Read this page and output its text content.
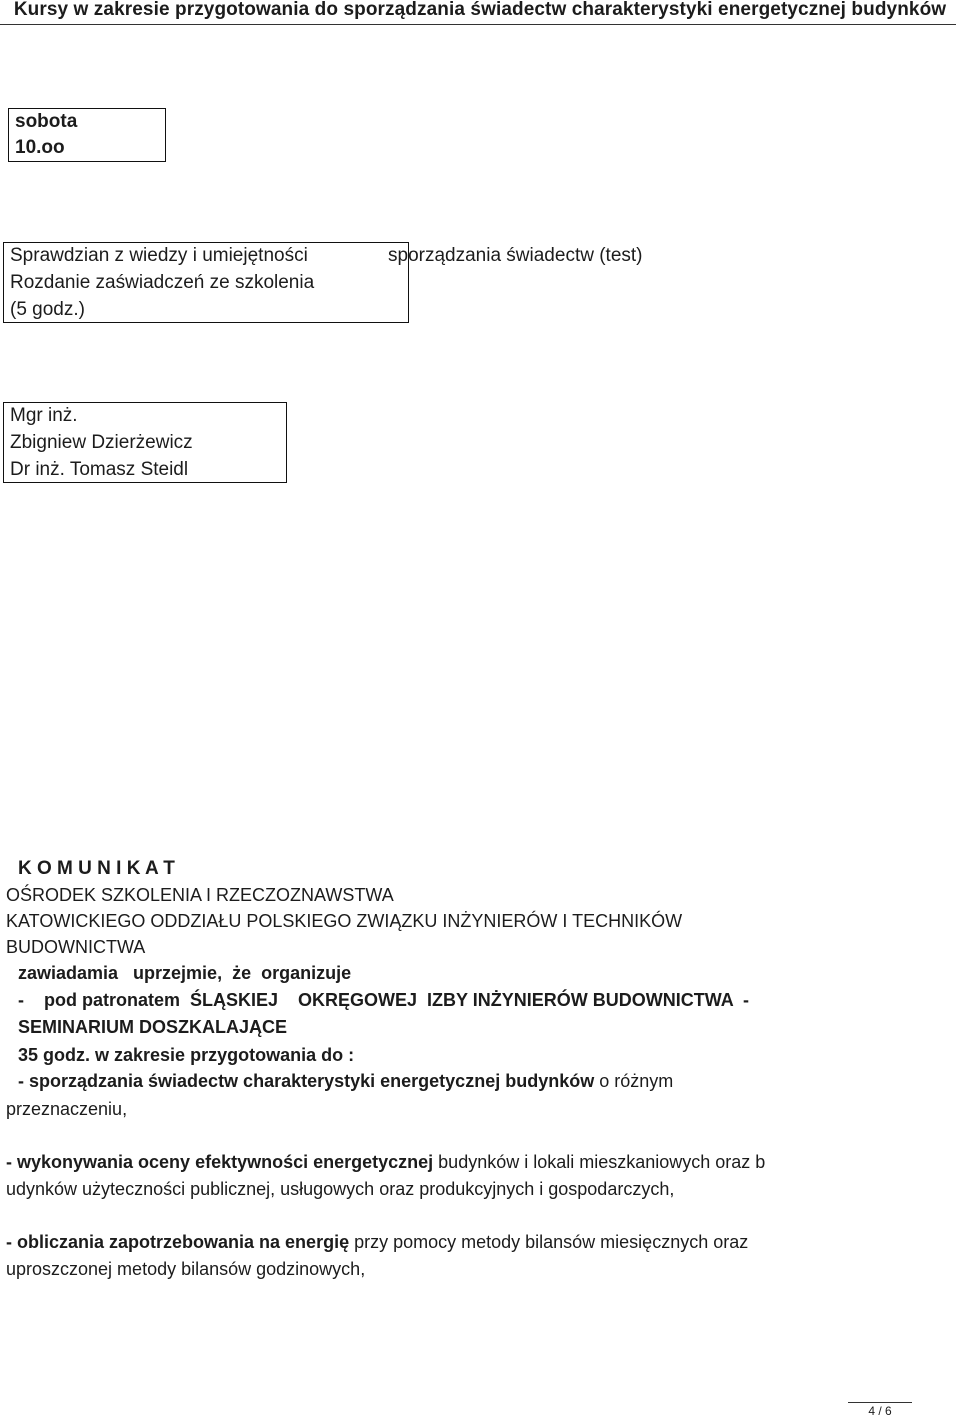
Kursy w zakresie przygotowania do sporządzania świadectw charakterystyki energetycznej budynków
sobota
10.oo
Sprawdzian z wiedzy i umiejętności	sporządzania świadectw (test)
Rozdanie zaświadczeń ze szkolenia
(5 godz.)
Mgr inż.
Zbigniew Dzierżewicz
Dr inż. Tomasz Steidl
K O M U N I K A T
OŚRODEK SZKOLENIA I RZECZOZNAWSTWA
KATOWICKIEGO ODDZIAŁU POLSKIEGO ZWIĄZKU INŻYNIERÓW I TECHNIKÓW
BUDOWNICTWA
zawiadamia   uprzejmie,  że  organizuje
-    pod patronatem  ŚLĄSKIEJ    OKRĘGOWEJ  IZBY INŻYNIERÓW BUDOWNICTWA  -
SEMINARIUM DOSZKALAJĄCE
35 godz. w zakresie przygotowania do :
- sporządzania świadectw charakterystyki energetycznej budynków o różnym
przeznaczeniu,
- wykonywania oceny efektywności energetycznej budynków i lokali mieszkaniowych oraz b
udynków użyteczności publicznej, usługowych oraz produkcyjnych i gospodarczych,
- obliczania zapotrzebowania na energię przy pomocy metody bilansów miesięcznych oraz
uproszczonej metody bilansów godzinowych,
4 / 6
